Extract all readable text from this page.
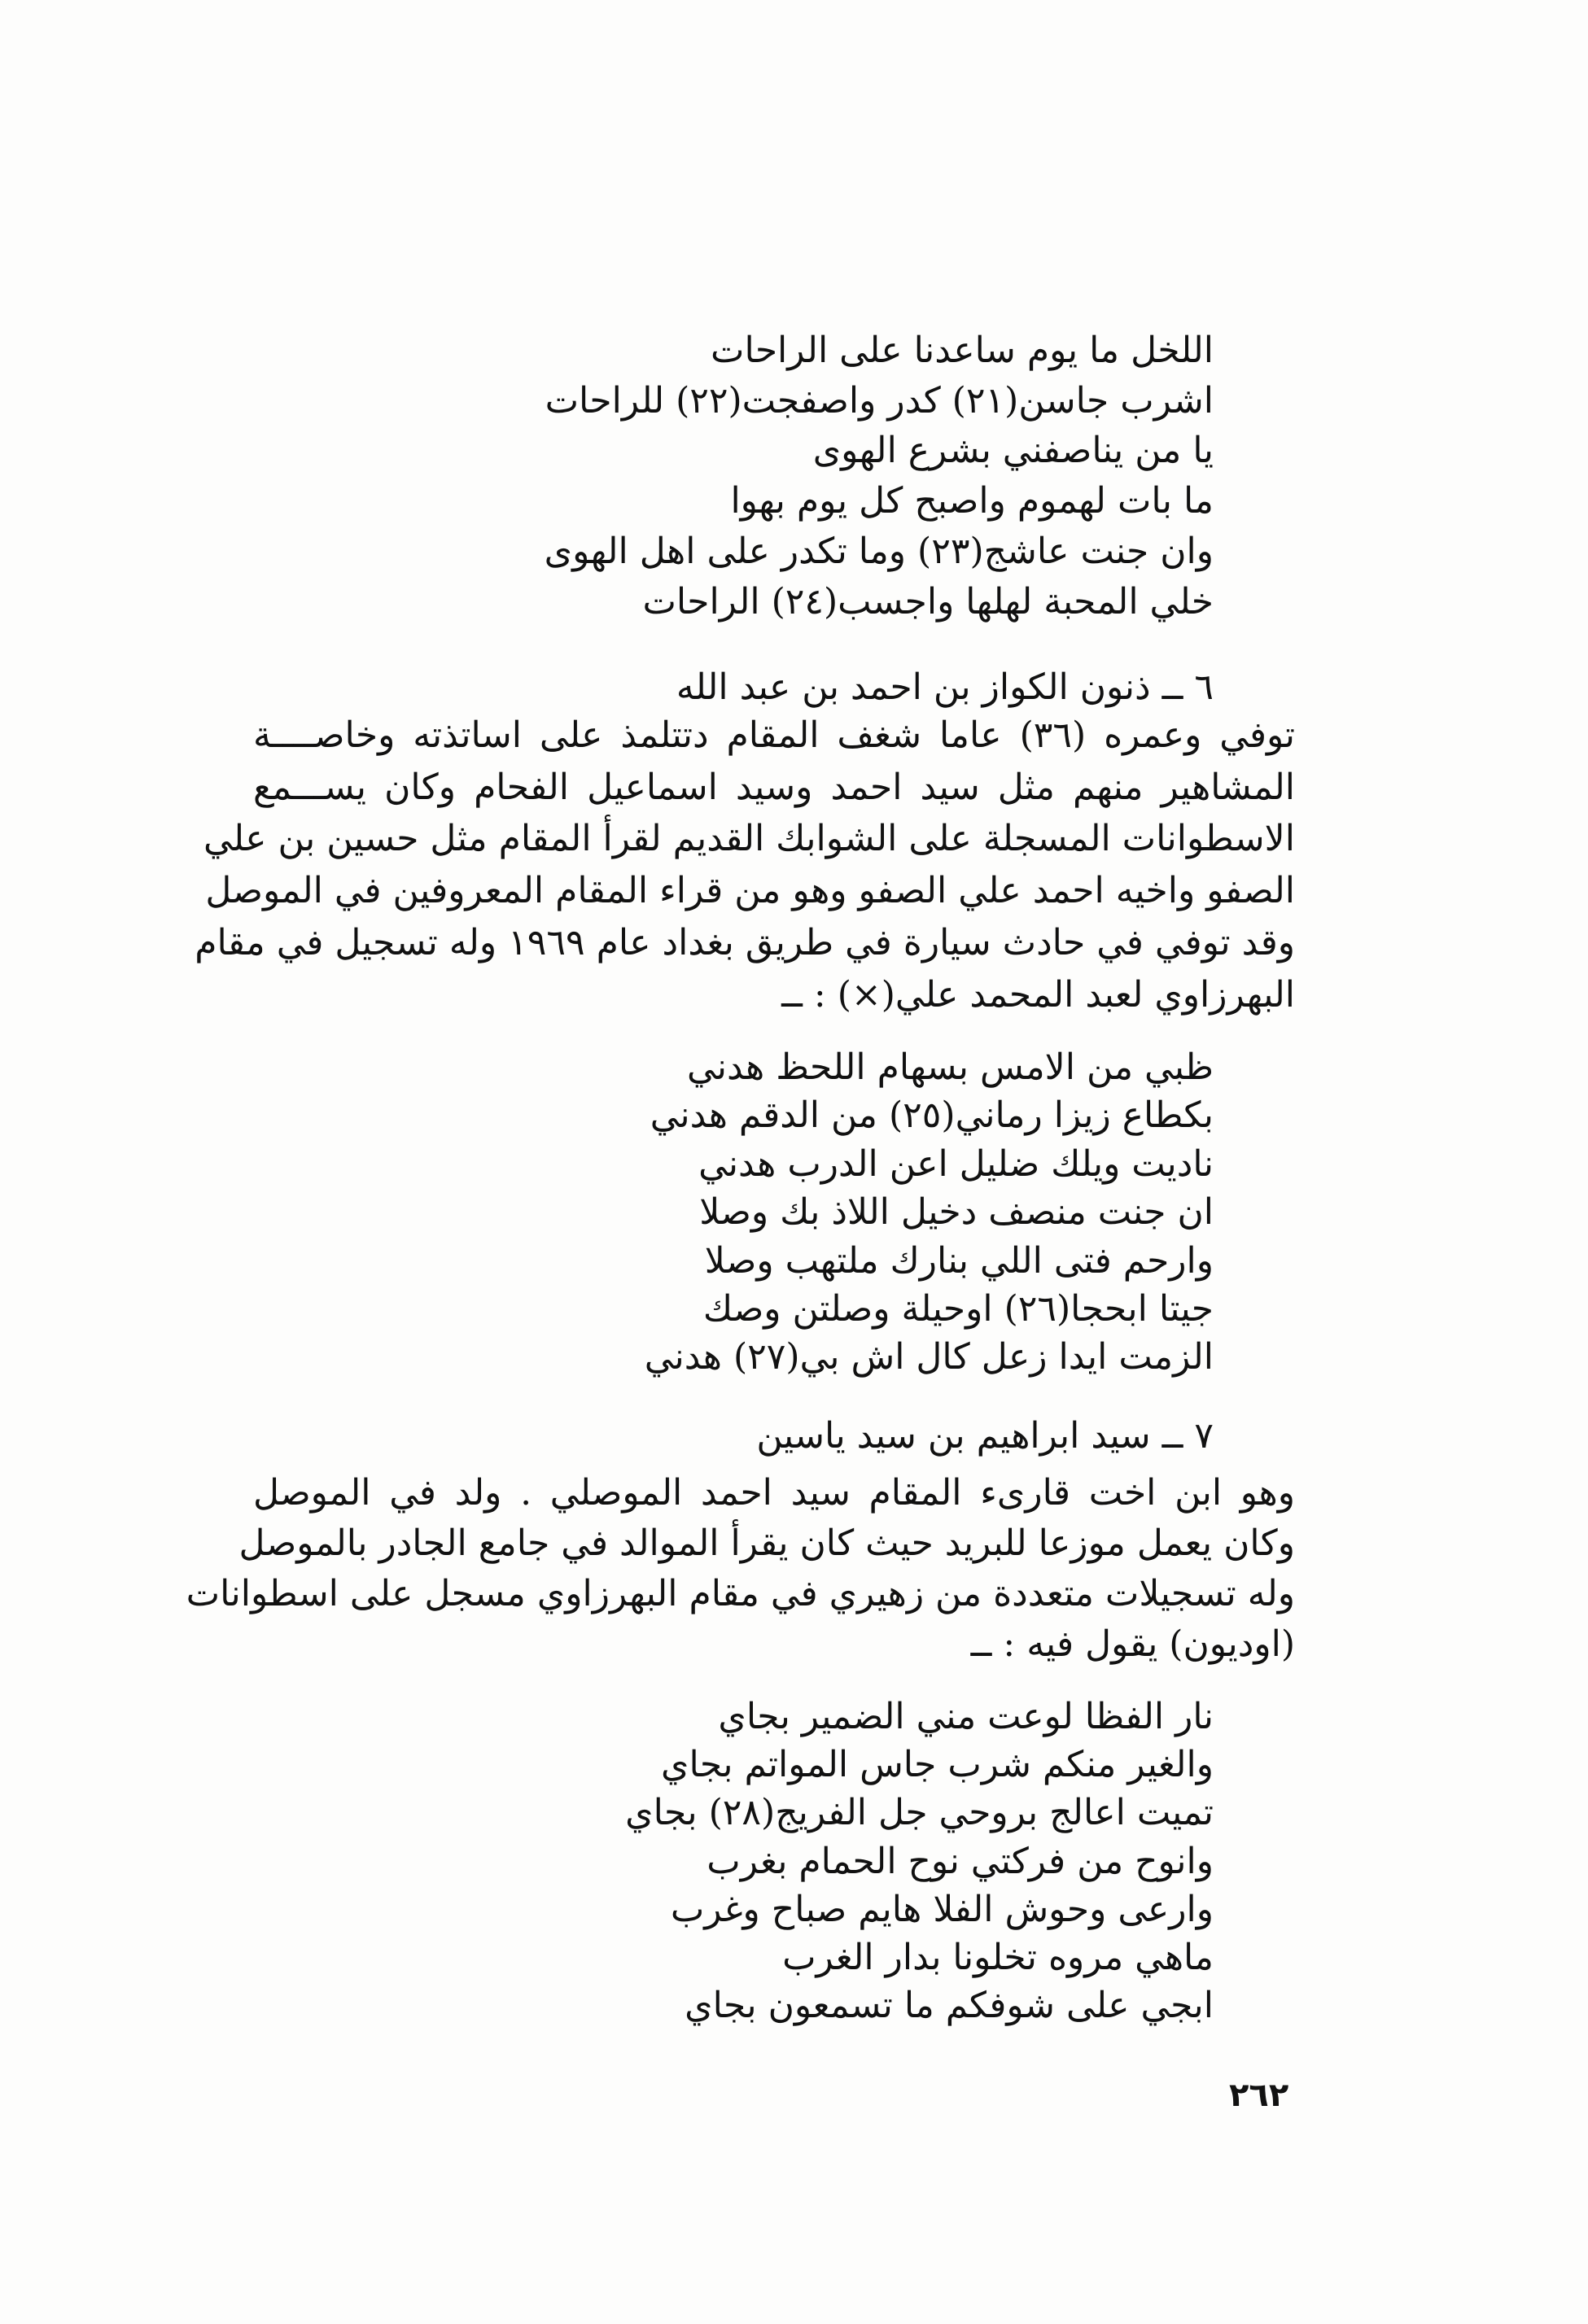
اللخل ما يوم ساعدنا على الراحات
اشرب جاسن(٢١) كدر واصفجت(٢٢) للراحات
يا من يناصفني بشرع الهوى
ما بات لهموم واصبح كل يوم بهوا
وان جنت عاشج(٢٣) وما تكدر على اهل الهوى
خلي المحبة لهلها واجسب(٢٤) الراحات
٦ ــ ذنون الكواز بن احمد بن عبد الله
توفي وعمره (٣٦) عاما شغف المقام دتتلمذ على اساتذته وخاصــــة
المشاهير منهم مثل سيد احمد وسيد اسماعيل الفحام وكان يســـمع
الاسطوانات المسجلة على الشوابك القديم لقرأ المقام مثل حسين بن علي
الصفو واخيه احمد علي الصفو وهو من قراء المقام المعروفين في الموصل
وقد توفي في حادث سيارة في طريق بغداد عام ١٩٦٩ وله تسجيل في مقام
البهرزاوي لعبد المحمد علي(×) : ــ
ظبي من الامس بسهام اللحظ هدني
بكطاع زيزا رماني(٢٥) من الدقم هدني
ناديت ويلك ضليل اعن الدرب هدني
ان جنت منصف دخيل اللاذ بك وصلا
وارحم فتى اللي بنارك ملتهب وصلا
جيتا ابحجا(٢٦) اوحيلة وصلتن وصك
الزمت ايدا زعل كال اش بي(٢٧) هدني
٧ ــ سيد ابراهيم بن سيد ياسين
وهو ابن اخت قارىء المقام سيد احمد الموصلي . ولد في الموصل
وكان يعمل موزعا للبريد حيث كان يقرأ الموالد في جامع الجادر بالموصل
وله تسجيلات متعددة من زهيري في مقام البهرزاوي مسجل على اسطوانات
(اوديون) يقول فيه : ــ
نار الفظا لوعت مني الضمير بجاي
والغير منكم شرب جاس المواتم بجاي
تميت اعالج بروحي جل الفريج(٢٨) بجاي
وانوح من فركتي نوح الحمام بغرب
وارعى وحوش الفلا هايم صباح وغرب
ماهي مروه تخلونا بدار الغرب
ابجي على شوفكم ما تسمعون بجاي
٢٦٢
